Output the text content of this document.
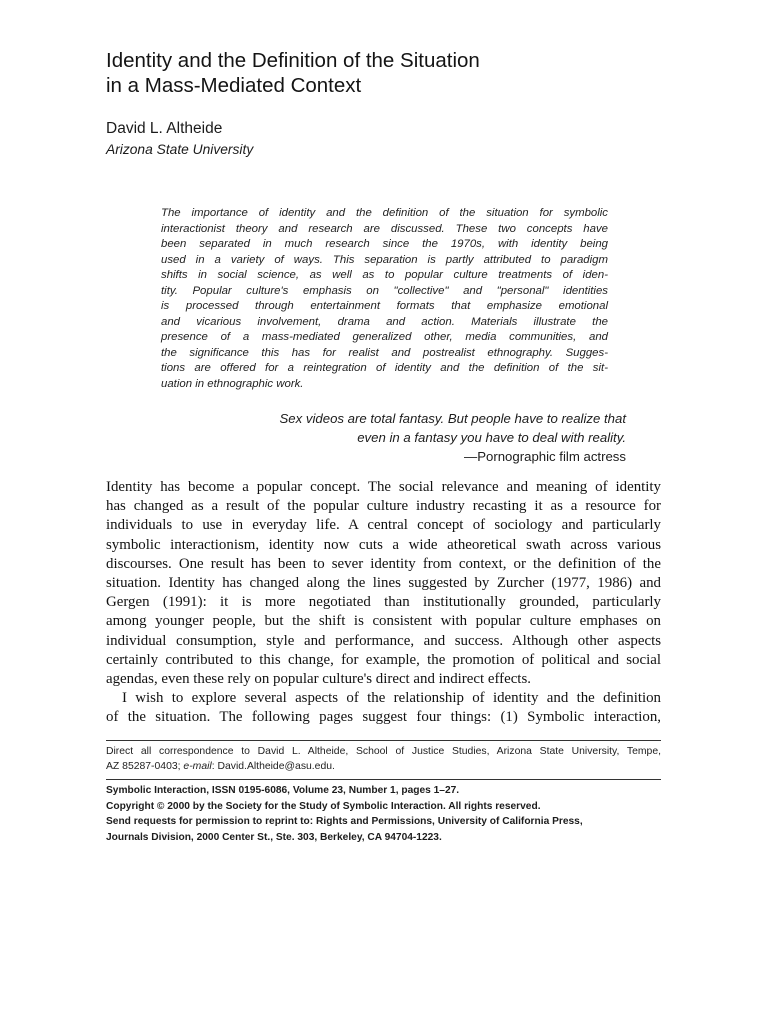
Identity and the Definition of the Situation
in a Mass-Mediated Context
David L. Altheide
Arizona State University
The importance of identity and the definition of the situation for symbolic
interactionist theory and research are discussed. These two concepts have
been separated in much research since the 1970s, with identity being
used in a variety of ways. This separation is partly attributed to paradigm
shifts in social science, as well as to popular culture treatments of iden-
tity. Popular culture's emphasis on "collective" and "personal" identities
is processed through entertainment formats that emphasize emotional
and vicarious involvement, drama and action. Materials illustrate the
presence of a mass-mediated generalized other, media communities, and
the significance this has for realist and postrealist ethnography. Sugges-
tions are offered for a reintegration of identity and the definition of the sit-
uation in ethnographic work.
Sex videos are total fantasy. But people have to realize that
even in a fantasy you have to deal with reality.
—Pornographic film actress
Identity has become a popular concept. The social relevance and meaning of identity
has changed as a result of the popular culture industry recasting it as a resource for
individuals to use in everyday life. A central concept of sociology and particularly
symbolic interactionism, identity now cuts a wide atheoretical swath across various
discourses. One result has been to sever identity from context, or the definition of the
situation. Identity has changed along the lines suggested by Zurcher (1977, 1986) and
Gergen (1991): it is more negotiated than institutionally grounded, particularly
among younger people, but the shift is consistent with popular culture emphases on
individual consumption, style and performance, and success. Although other aspects
certainly contributed to this change, for example, the promotion of political and social
agendas, even these rely on popular culture's direct and indirect effects.
I wish to explore several aspects of the relationship of identity and the definition
of the situation. The following pages suggest four things: (1) Symbolic interaction,
Direct all correspondence to David L. Altheide, School of Justice Studies, Arizona State University, Tempe,
AZ 85287-0403; e-mail: David.Altheide@asu.edu.
Symbolic Interaction, ISSN 0195-6086, Volume 23, Number 1, pages 1–27.
Copyright © 2000 by the Society for the Study of Symbolic Interaction. All rights reserved.
Send requests for permission to reprint to: Rights and Permissions, University of California Press,
Journals Division, 2000 Center St., Ste. 303, Berkeley, CA 94704-1223.
